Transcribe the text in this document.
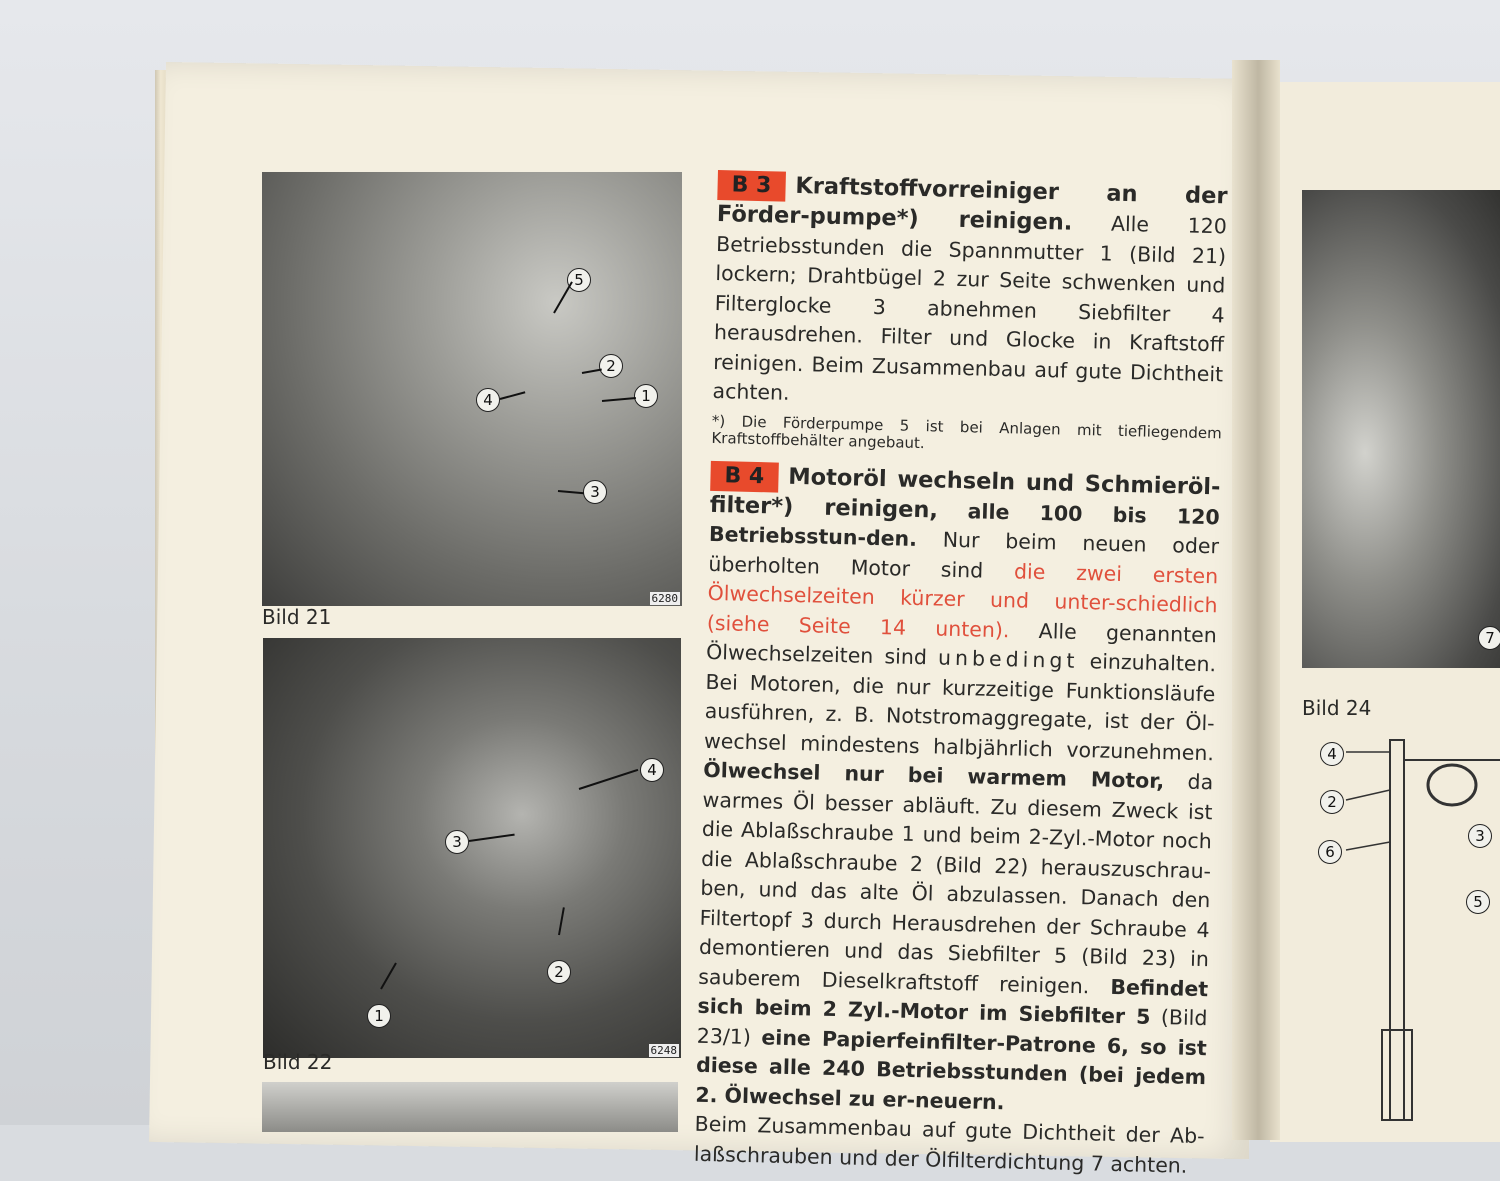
5
2
1
4
3
6280
Bild 21
4
3
2
1
6248
Bild 22
7
Bild 24
4
2
6
3
5

B 3 Kraftstoffvorreiniger an der Förder-pumpe*) reinigen. Alle 120 Betriebsstunden die Spannmutter 1 (Bild 21) lockern; Drahtbügel 2 zur Seite schwenken und Filterglocke 3 abnehmen Siebfilter 4 herausdrehen. Filter und Glocke in Kraftstoff reinigen. Beim Zusammenbau auf gute Dichtheit achten.

*) Die Förderpumpe 5 ist bei Anlagen mit tiefliegendem Kraftstoffbehälter angebaut.

B 4 Motoröl wechseln und Schmieröl-filter*) reinigen, alle 100 bis 120 Betriebsstun-den. Nur beim neuen oder überholten Motor sind die zwei ersten Ölwechselzeiten kürzer und unter-schiedlich (siehe Seite 14 unten). Alle genannten Ölwechselzeiten sind unbedingt einzuhalten. Bei Motoren, die nur kurzzeitige Funktionsläufe ausführen, z. B. Notstromaggregate, ist der Öl-wechsel mindestens halbjährlich vorzunehmen. Ölwechsel nur bei warmem Motor, da warmes Öl besser abläuft. Zu diesem Zweck ist die Ablaßschraube 1 und beim 2-Zyl.-Motor noch die Ablaßschraube 2 (Bild 22) herauszuschrau-ben, und das alte Öl abzulassen. Danach den Filtertopf 3 durch Herausdrehen der Schraube 4 demontieren und das Siebfilter 5 (Bild 23) in sauberem Dieselkraftstoff reinigen. Befindet sich beim 2 Zyl.-Motor im Siebfilter 5 (Bild 23/1) eine Papierfeinfilter-Patrone 6, so ist diese alle 240 Betriebsstunden (bei jedem 2. Ölwechsel zu er-neuern.

Beim Zusammenbau auf gute Dichtheit der Ab-laßschrauben und der Ölfilterdichtung 7 achten.
